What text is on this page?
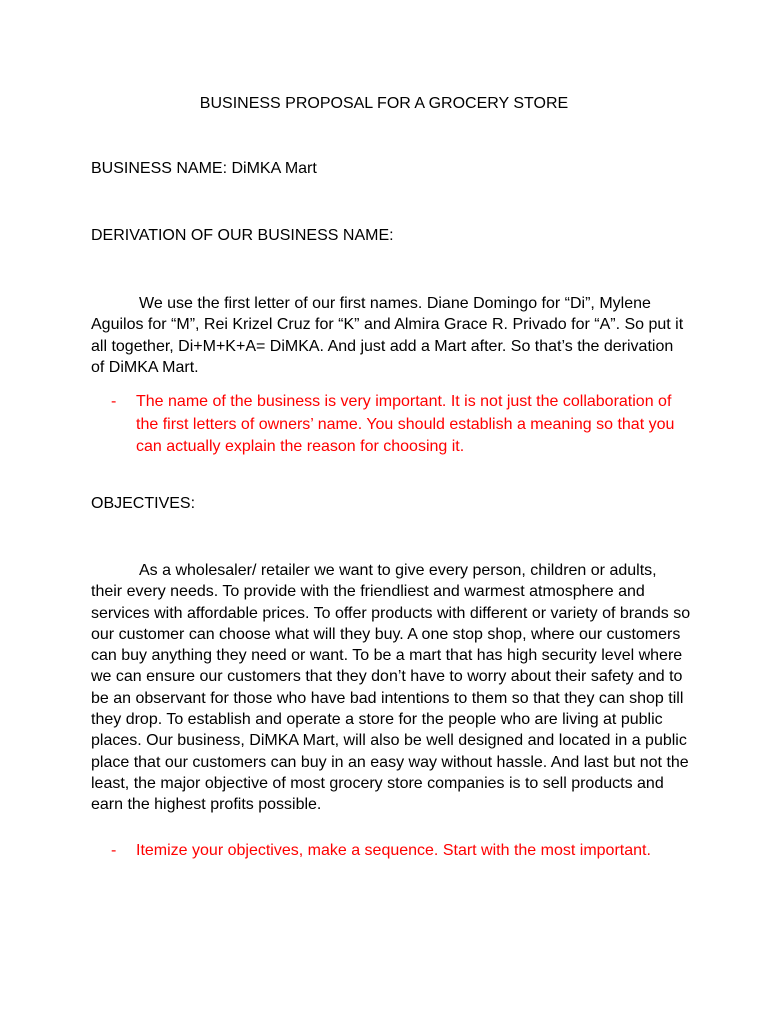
BUSINESS PROPOSAL FOR A GROCERY STORE
BUSINESS NAME: DiMKA Mart
DERIVATION OF OUR BUSINESS NAME:

We use the first letter of our first names. Diane Domingo for “Di”, Mylene Aguilos for “M”, Rei Krizel Cruz for “K” and Almira Grace R. Privado for “A”. So put it all together, Di+M+K+A= DiMKA. And just add a Mart after. So that’s the derivation of DiMKA Mart.

- The name of the business is very important. It is not just the collaboration of the first letters of owners’ name. You should establish a meaning so that you can actually explain the reason for choosing it.
OBJECTIVES:

As a wholesaler/ retailer we want to give every person, children or adults, their every needs. To provide with the friendliest and warmest atmosphere and services with affordable prices. To offer products with different or variety of brands so our customer can choose what will they buy. A one stop shop, where our customers can buy anything they need or want. To be a mart that has high security level where we can ensure our customers that they don’t have to worry about their safety and to be an observant for those who have bad intentions to them so that they can shop till they drop. To establish and operate a store for the people who are living at public places. Our business, DiMKA Mart, will also be well designed and located in a public place that our customers can buy in an easy way without hassle. And last but not the least, the major objective of most grocery store companies is to sell products and earn the highest profits possible.

- Itemize your objectives, make a sequence. Start with the most important.
